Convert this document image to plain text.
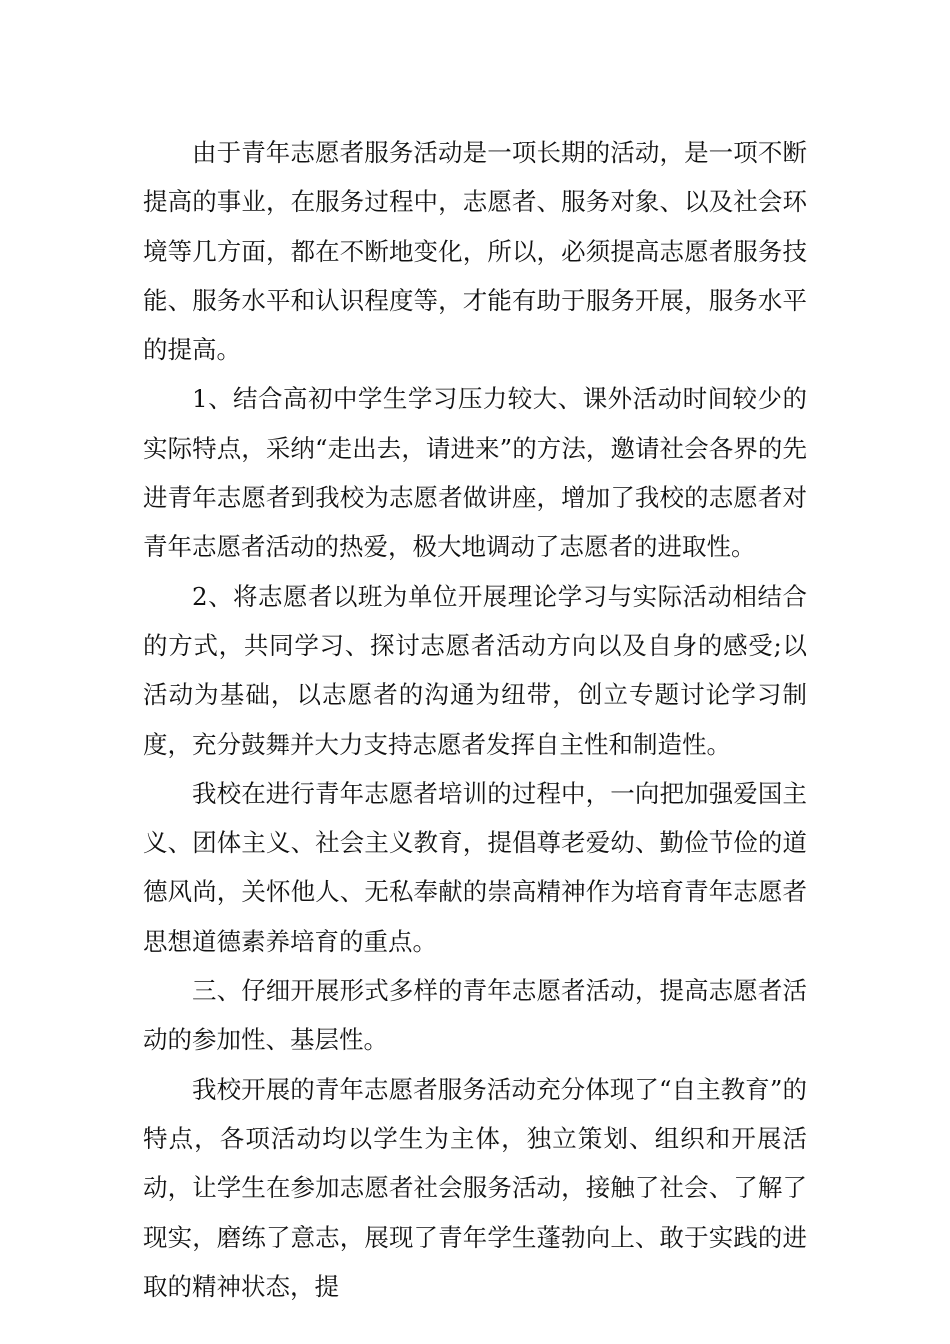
由于青年志愿者服务活动是一项长期的活动，是一项不断提高的事业，在服务过程中，志愿者、服务对象、以及社会环境等几方面，都在不断地变化，所以，必须提高志愿者服务技能、服务水平和认识程度等，才能有助于服务开展，服务水平的提高。

1、结合高初中学生学习压力较大、课外活动时间较少的实际特点，采纳“走出去，请进来”的方法，邀请社会各界的先进青年志愿者到我校为志愿者做讲座，增加了我校的志愿者对青年志愿者活动的热爱，极大地调动了志愿者的进取性。

2、将志愿者以班为单位开展理论学习与实际活动相结合的方式，共同学习、探讨志愿者活动方向以及自身的感受;以活动为基础，以志愿者的沟通为纽带，创立专题讨论学习制度，充分鼓舞并大力支持志愿者发挥自主性和制造性。

我校在进行青年志愿者培训的过程中，一向把加强爱国主义、团体主义、社会主义教育，提倡尊老爱幼、勤俭节俭的道德风尚，关怀他人、无私奉献的崇高精神作为培育青年志愿者思想道德素养培育的重点。

三、仔细开展形式多样的青年志愿者活动，提高志愿者活动的参加性、基层性。

我校开展的青年志愿者服务活动充分体现了“自主教育”的特点，各项活动均以学生为主体，独立策划、组织和开展活动，让学生在参加志愿者社会服务活动，接触了社会、了解了现实，磨练了意志，展现了青年学生蓬勃向上、敢于实践的进取的精神状态，提
